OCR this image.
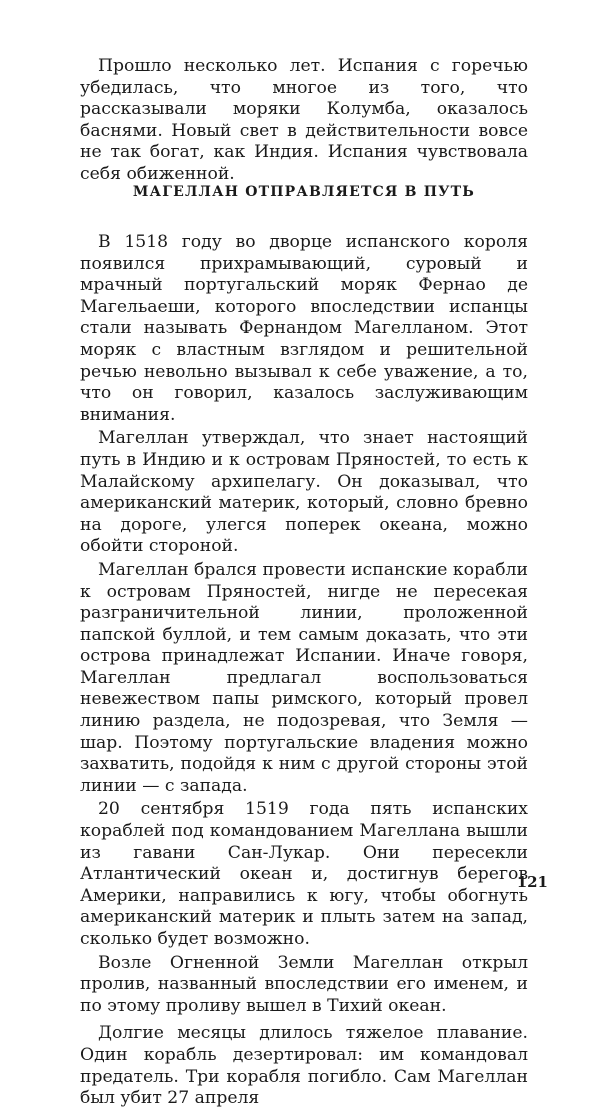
Прошло несколько лет. Испания с горечью убедилась, что многое из того, что рассказывали моряки Колумба, оказалось баснями. Новый свет в действительности вовсе не так богат, как Индия. Испания чувствовала себя обиженной.

МАГЕЛЛАН ОТПРАВЛЯЕТСЯ В ПУТЬ

В 1518 году во дворце испанского короля появился прихрамывающий, суровый и мрачный португальский моряк Фернао де Магельаеши, которого впоследствии испанцы стали называть Фернандом Магелланом. Этот моряк с властным взглядом и решительной речью невольно вызывал к себе уважение, а то, что он говорил, казалось заслуживающим внимания.

Магеллан утверждал, что знает настоящий путь в Индию и к островам Пряностей, то есть к Малайскому архипелагу. Он доказывал, что американский материк, который, словно бревно на дороге, улегся поперек океана, можно обойти стороной.

Магеллан брался провести испанские корабли к островам Пряностей, нигде не пересекая разграничительной линии, проложенной папской буллой, и тем самым доказать, что эти острова принадлежат Испании. Иначе говоря, Магеллан предлагал воспользоваться невежеством папы римского, который провел линию раздела, не подозревая, что Земля — шар. Поэтому португальские владения можно захватить, подойдя к ним с другой стороны этой линии — с запада.

20 сентября 1519 года пять испанских кораблей под командованием Магеллана вышли из гавани Сан-Лукар. Они пересекли Атлантический океан и, достигнув берегов Америки, направились к югу, чтобы обогнуть американский материк и плыть затем на запад, сколько будет возможно.

Возле Огненной Земли Магеллан открыл пролив, названный впоследствии его именем, и по этому проливу вышел в Тихий океан.

Долгие месяцы длилось тяжелое плавание. Один корабль дезертировал: им командовал предатель. Три корабля погибло. Сам Магеллан был убит 27 апреля

121
